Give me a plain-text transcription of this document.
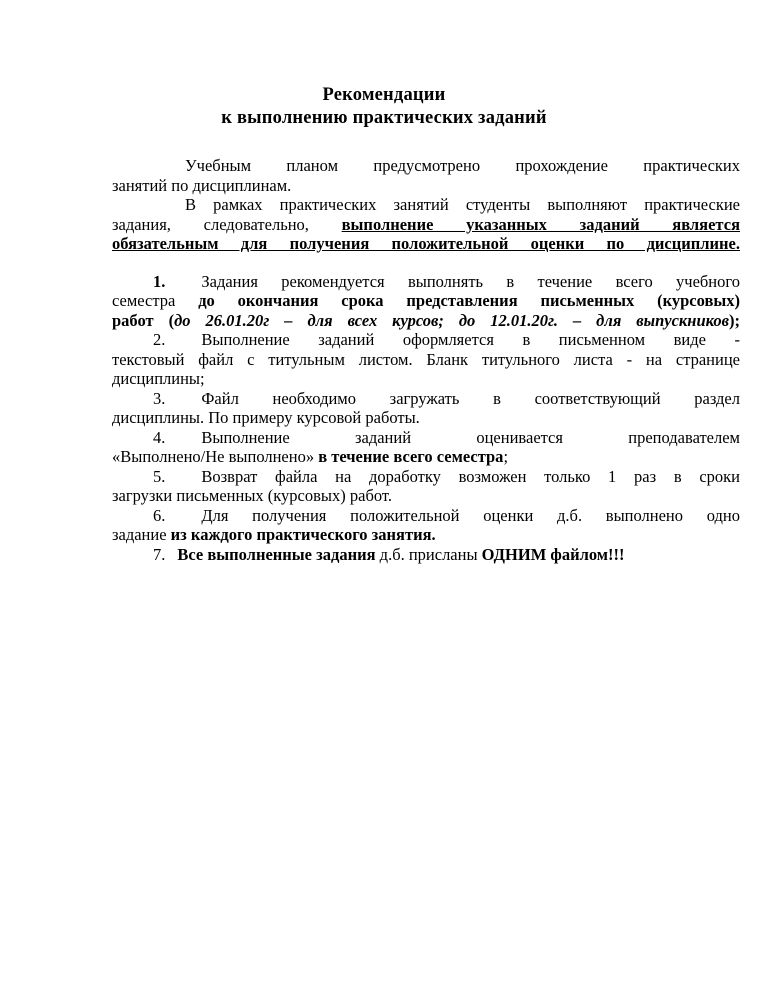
Рекомендации
к выполнению практических заданий
Учебным планом предусмотрено прохождение практических
занятий по дисциплинам.
В рамках практических занятий студенты выполняют практические
задания, следовательно, выполнение указанных заданий является
обязательным для получения положительной оценки по дисциплине.
1. Задания рекомендуется выполнять в течение всего учебного
семестра до окончания срока представления письменных (курсовых)
работ (до 26.01.20г – для всех курсов; до 12.01.20г. – для выпускников);
2. Выполнение заданий оформляется в письменном виде -
текстовый файл с титульным листом. Бланк титульного листа - на странице
дисциплины;
3. Файл необходимо загружать в соответствующий раздел
дисциплины. По примеру курсовой работы.
4. Выполнение заданий оценивается преподавателем
«Выполнено/Не выполнено» в течение всего семестра;
5. Возврат файла на доработку возможен только 1 раз в сроки
загрузки письменных (курсовых) работ.
6. Для получения положительной оценки д.б. выполнено одно
задание из каждого практического занятия.
7. Все выполненные задания д.б. присланы ОДНИМ файлом!!!
